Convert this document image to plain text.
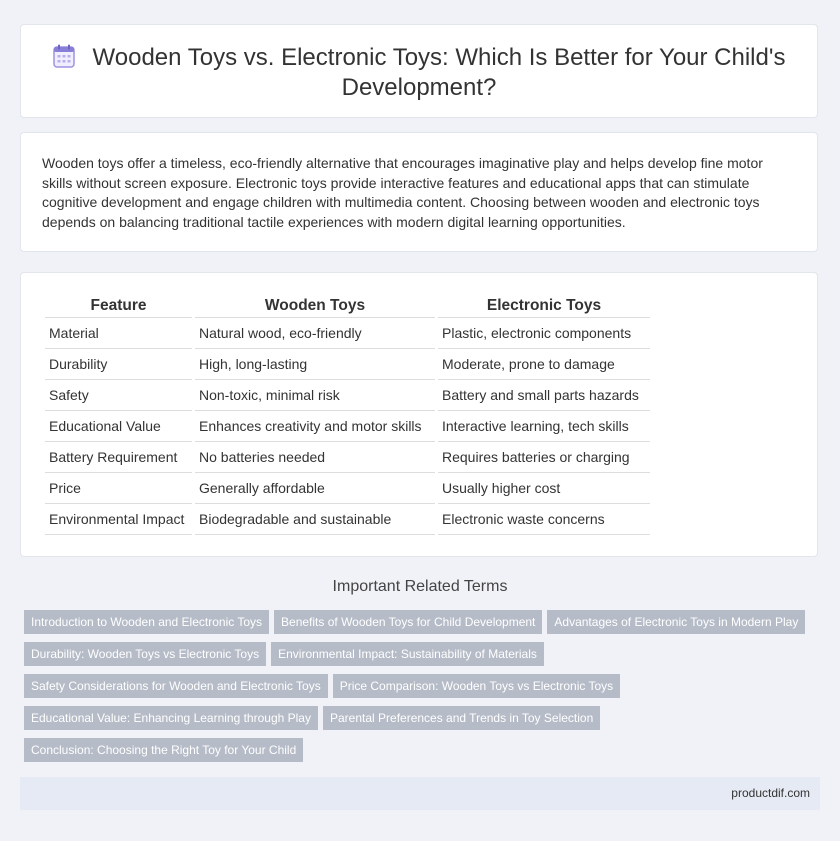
Wooden Toys vs. Electronic Toys: Which Is Better for Your Child's Development?
Wooden toys offer a timeless, eco-friendly alternative that encourages imaginative play and helps develop fine motor skills without screen exposure. Electronic toys provide interactive features and educational apps that can stimulate cognitive development and engage children with multimedia content. Choosing between wooden and electronic toys depends on balancing traditional tactile experiences with modern digital learning opportunities.
Feature	Wooden Toys	Electronic Toys
Material	Natural wood, eco-friendly	Plastic, electronic components
Durability	High, long-lasting	Moderate, prone to damage
Safety	Non-toxic, minimal risk	Battery and small parts hazards
Educational Value	Enhances creativity and motor skills	Interactive learning, tech skills
Battery Requirement	No batteries needed	Requires batteries or charging
Price	Generally affordable	Usually higher cost
Environmental Impact	Biodegradable and sustainable	Electronic waste concerns
Important Related Terms
Introduction to Wooden and Electronic Toys Benefits of Wooden Toys for Child Development Advantages of Electronic Toys in Modern Play
Durability: Wooden Toys vs Electronic Toys Environmental Impact: Sustainability of Materials
Safety Considerations for Wooden and Electronic Toys Price Comparison: Wooden Toys vs Electronic Toys
Educational Value: Enhancing Learning through Play Parental Preferences and Trends in Toy Selection
Conclusion: Choosing the Right Toy for Your Child
productdif.com
